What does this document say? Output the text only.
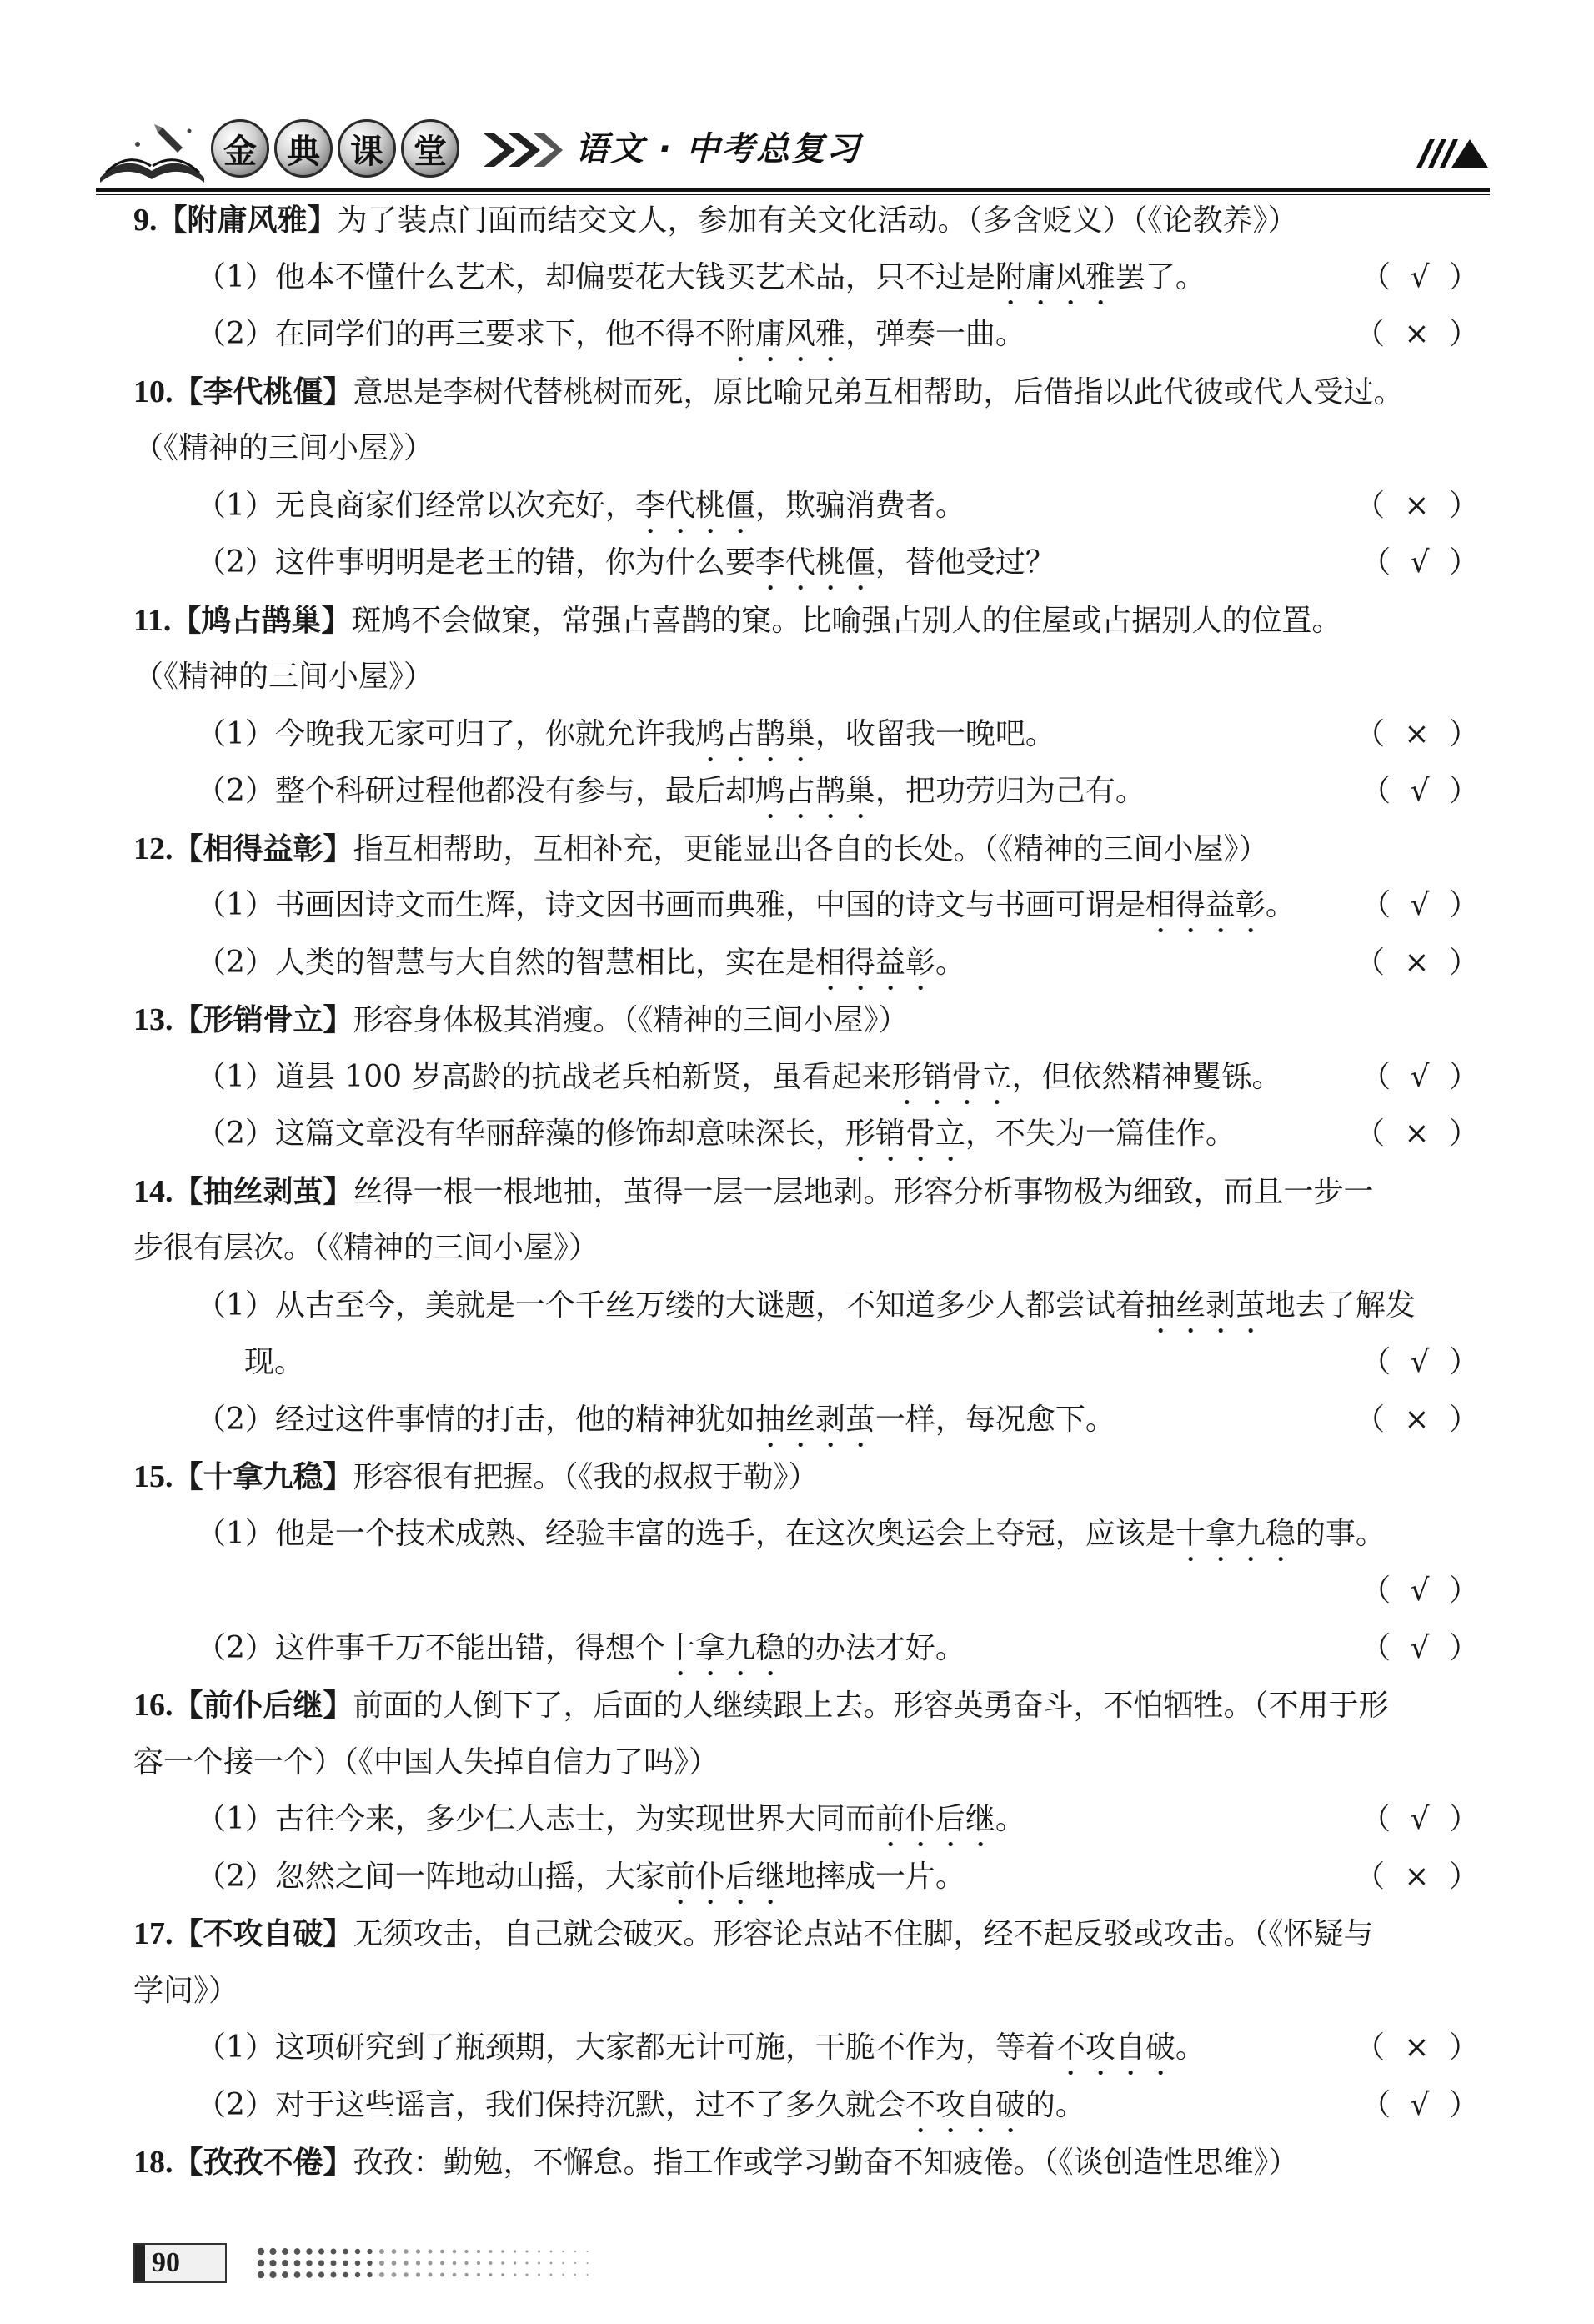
金 典 课 堂	语文 · 中考总复习
9.【附庸风雅】为了装点门面而结交文人，参加有关文化活动。（多含贬义）（《论教养》）
（1）他本不懂什么艺术，却偏要花大钱买艺术品，只不过是附庸风雅罢了。	（ √ ）
（2）在同学们的再三要求下，他不得不附庸风雅，弹奏一曲。	（ × ）
10.【李代桃僵】意思是李树代替桃树而死，原比喻兄弟互相帮助，后借指以此代彼或代人受过。
（《精神的三间小屋》）
（1）无良商家们经常以次充好，李代桃僵，欺骗消费者。	（ × ）
（2）这件事明明是老王的错，你为什么要李代桃僵，替他受过？	（ √ ）
11.【鸠占鹊巢】斑鸠不会做窠，常强占喜鹊的窠。比喻强占别人的住屋或占据别人的位置。
（《精神的三间小屋》）
（1）今晚我无家可归了，你就允许我鸠占鹊巢，收留我一晚吧。	（ × ）
（2）整个科研过程他都没有参与，最后却鸠占鹊巢，把功劳归为己有。	（ √ ）
12.【相得益彰】指互相帮助，互相补充，更能显出各自的长处。（《精神的三间小屋》）
（1）书画因诗文而生辉，诗文因书画而典雅，中国的诗文与书画可谓是相得益彰。 （ √ ）
（2）人类的智慧与大自然的智慧相比，实在是相得益彰。	（ × ）
13.【形销骨立】形容身体极其消瘦。（《精神的三间小屋》）
（1）道县 100 岁高龄的抗战老兵柏新贤，虽看起来形销骨立，但依然精神矍铄。	（ √ ）
（2）这篇文章没有华丽辞藻的修饰却意味深长，形销骨立，不失为一篇佳作。	（ × ）
14.【抽丝剥茧】丝得一根一根地抽，茧得一层一层地剥。形容分析事物极为细致，而且一步一
步很有层次。（《精神的三间小屋》）
（1）从古至今，美就是一个千丝万缕的大谜题，不知道多少人都尝试着抽丝剥茧地去了解发
现。	（ √ ）
（2）经过这件事情的打击，他的精神犹如抽丝剥茧一样，每况愈下。	（ × ）
15.【十拿九稳】形容很有把握。（《我的叔叔于勒》）
（1）他是一个技术成熟、经验丰富的选手，在这次奥运会上夺冠，应该是十拿九稳的事。
（ √ ）
（2）这件事千万不能出错，得想个十拿九稳的办法才好。	（ √ ）
16.【前仆后继】前面的人倒下了，后面的人继续跟上去。形容英勇奋斗，不怕牺牲。（不用于形
容一个接一个）（《中国人失掉自信力了吗》）
（1）古往今来，多少仁人志士，为实现世界大同而前仆后继。	（ √ ）
（2）忽然之间一阵地动山摇，大家前仆后继地摔成一片。	（ × ）
17.【不攻自破】无须攻击，自己就会破灭。形容论点站不住脚，经不起反驳或攻击。（《怀疑与
学问》）
（1）这项研究到了瓶颈期，大家都无计可施，干脆不作为，等着不攻自破。	（ × ）
（2）对于这些谣言，我们保持沉默，过不了多久就会不攻自破的。	（ √ ）
18.【孜孜不倦】孜孜：勤勉，不懈怠。指工作或学习勤奋不知疲倦。（《谈创造性思维》）
90
